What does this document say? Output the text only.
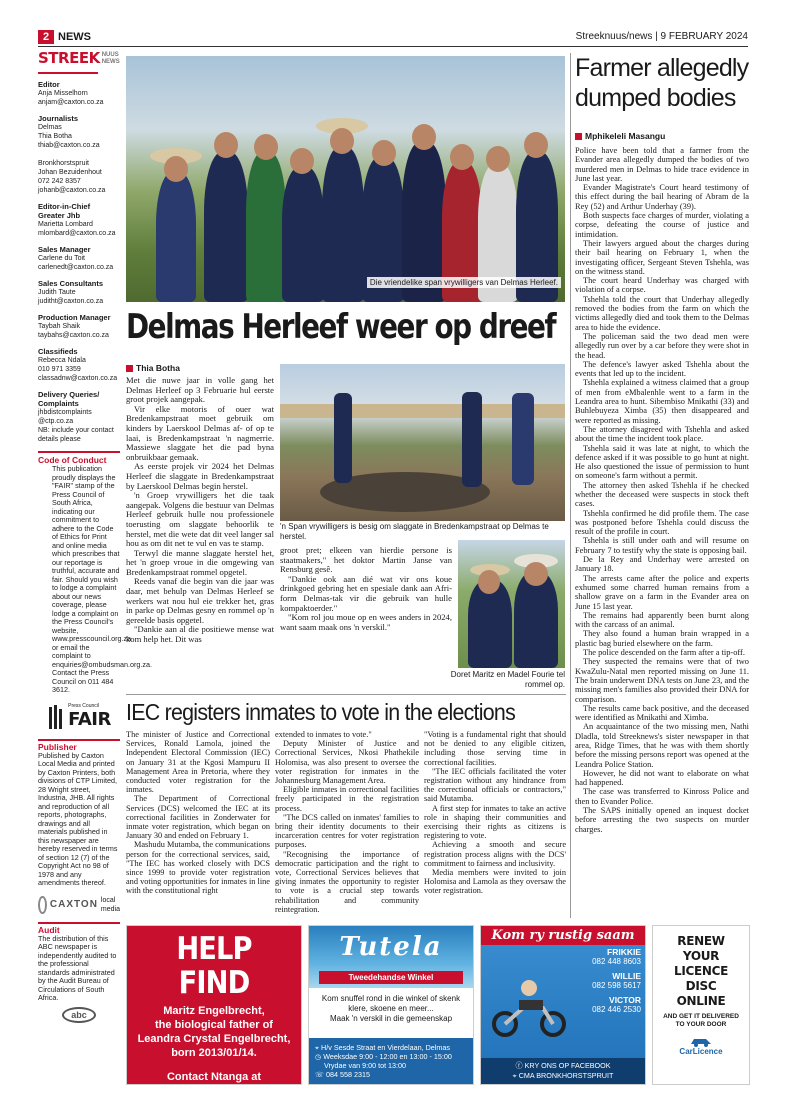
2 NEWS	Streeknuus/news | 9 FEBRUARY 2024
STREEK NUUS
NEWS
Editor
Anja Misselhorn
anjam@caxton.co.za
Journalists
Delmas
Thia Botha
thiab@caxton.co.za
Bronkhorstspruit
Johan Bezuidenhout
072 242 8357
johanb@caxton.co.za
Editor-in-Chief
Greater Jhb
Marietta Lombard
mlombard@caxton.co.za
Sales Manager
Carlene du Toit
carlenedt@caxton.co.za
Sales Consultants
Judith Taute
juditht@caxton.co.za
Production Manager
Taybah Shaik
taybahs@caxton.co.za
Classifieds
Rebecca Ndala
010 971 3359
classadnw@caxton.co.za
Delivery Queries/
Complaints
jhbdistcomplaints
@ctp.co.za
NB: include your contact
details please
Code of Conduct
This publication proudly displays the "FAIR" stamp of the Press Council of South Africa, indicating our commitment to adhere to the Code of Ethics for Print and online media which prescribes that our reportage is truthful, accurate and fair. Should you wish to lodge a complaint about our news coverage, please lodge a complaint on the Press Council's website, www.presscouncil.org.za or email the complaint to enquiries@ombudsman.org.za. Contact the Press Council on 011 484 3612.
Press Council
FAIR
Publisher
Published by Caxton Local Media and printed by Caxton Printers, both divisions of CTP Limited, 28 Wright street, Industria, JHB. All rights and reproduction of all reports, photographs, drawings and all materials published in this newspaper are hereby reserved in terms of section 12 (7) of the Copyright Act no 98 of 1978 and any amendments thereof.
CAXTON local media
Audit
The distribution of this ABC newspaper is independently audited to the professional standards administrated by the Audit Bureau of Circulations of South Africa.
abc
Die vriendelike span vrywilligers van Delmas Herleef.
Delmas Herleef weer op dreef
Thia Botha

Met die nuwe jaar in volle gang het Delmas Herleef op 3 Februarie hul eerste groot projek aangepak.

Vir elke motoris of ouer wat Bredenkampstraat moet gebruik om kinders by Laerskool Delmas af- of op te laai, is Bredenkampstraat 'n nagmerrie. Massiewe slaggate het die pad byna onbruikbaar gemaak.

As eerste projek vir 2024 het Delmas Herleef die slaggate in Bredenkampstraat by Laerskool Delmas begin herstel.

'n Groep vrywilligers het die taak aangepak. Volgens die bestuur van Delmas Herleef gebruik hulle nou professionele toerusting om slaggate behoorlik te herstel, met die wete dat dit veel langer sal hou as om dit net te vul en vas te stamp.

Terwyl die manne slaggate herstel het, het 'n groep vroue in die omgewing van Bredenkampstraat rommel opgetel.

Reeds vanaf die begin van die jaar was daar, met behulp van Delmas Herleef se werkers wat nou hul eie trekker het, gras in parke op Delmas gesny en rommel op 'n gereelde basis opgetel.

"Dankie aan al die positiewe mense wat kom help het. Dit was

'n Span vrywilligers is besig om slaggate in Bredenkampstraat op Delmas te herstel.

groot pret; elkeen van hierdie persone is staatmakers," het doktor Martin Janse van Rensburg gesê.

"Dankie ook aan dié wat vir ons koue drinkgoed gebring het en spesiale dank aan Afri-form Delmas-tak vir die gebruik van hulle kompaktoerder."

"Kom rol jou moue op en wees anders in 2024, want saam maak ons 'n verskil."

Doret Maritz en Madel Fourie tel rommel op.
Farmer allegedly dumped bodies
Mphikeleli Masangu

Police have been told that a farmer from the Evander area allegedly dumped the bodies of two murdered men in Delmas to hide trace evidence in June last year.

Evander Magistrate's Court heard testimony of this effect during the bail hearing of Abram de la Rey (52) and Arthur Underhay (39).

Both suspects face charges of murder, violating a corpse, defeating the course of justice and intimidation.

Their lawyers argued about the charges during their bail hearing on February 1, when the investigating officer, Sergeant Steven Tshehla, was on the witness stand.

The court heard Underhay was charged with violation of a corpse.

Tshehla told the court that Underhay allegedly removed the bodies from the farm on which the victims allegedly died and took them to the Delmas area to hide the evidence.

The policeman said the two dead men were allegedly run over by a car before they were shot in the head.

The defence's lawyer asked Tshehla about the events that led up to the incident.

Tshehla explained a witness claimed that a group of men from eMbalenhle went to a farm in the Leandra area to hunt. Sibembiso Mnikathi (33) and Buhlebuyeza Ximba (35) then disappeared and were reported as missing.

The attorney disagreed with Tshehla and asked about the time the incident took place.

Tshehla said it was late at night, to which the defence asked if it was possible to go hunt at night. He also questioned the issue of permission to hunt on someone's farm without a permit.

The attorney then asked Tshehla if he checked whether the deceased were suspects in stock theft cases.

Tshehla confirmed he did profile them. The case was postponed before Tshehla could discuss the result of the profile in court.

Tshehla is still under oath and will resume on February 7 to testify why the state is opposing bail.

De la Rey and Underhay were arrested on January 18.

The arrests came after the police and experts exhumed some charred human remains from a shallow grave on a farm in the Evander area on June 15 last year.

The remains had apparently been burnt along with the carcass of an animal.

They also found a human brain wrapped in a plastic bag buried elsewhere on the farm.

The police descended on the farm after a tip-off.

They suspected the remains were that of two KwaZulu-Natal men reported missing on June 11. The brain underwent DNA tests on June 23, and the missing men's families also provided their DNA for comparison.

The results came back positive, and the deceased were identified as Mnikathi and Ximba.

An acquaintance of the two missing men, Nathi Dladla, told Streeknews's sister newspaper in that area, Ridge Times, that he was with them shortly before the missing persons report was opened at the Leandra Police Station.

However, he did not want to elaborate on what had happened.

The case was transferred to Kinross Police and then to Evander Police.

The SAPS initially opened an inquest docket before arresting the two suspects on murder charges.

IEC registers inmates to vote in the elections

The minister of Justice and Correctional Services, Ronald Lamola, joined the Independent Electoral Commission (IEC) on January 31 at the Kgosi Mampuru II Management Area in Pretoria, where they conducted voter registration for the inmates.

The Department of Correctional Services (DCS) welcomed the IEC at its correctional facilities in Zonderwater for inmate voter registration, which began on January 30 and ended on February 1.

Mashudu Mutamba, the communications person for the correctional services, said, "The IEC has worked closely with DCS since 1999 to provide voter registration and voting opportunities for inmates in line with the constitutional right

extended to inmates to vote."

Deputy Minister of Justice and Correctional Services, Nkosi Phathekile Holomisa, was also present to oversee the voter registration for inmates in the Johannesburg Management Area.

Eligible inmates in correctional facilities freely participated in the registration process.

"The DCS called on inmates' families to bring their identity documents to their incarceration centres for voter registration purposes.

"Recognising the importance of democratic participation and the right to vote, Correctional Services believes that giving inmates the opportunity to register to vote is a crucial step towards rehabilitation and community reintegration.

"Voting is a fundamental right that should not be denied to any eligible citizen, including those serving time in correctional facilities.

"The IEC officials facilitated the voter registration without any hindrance from the correctional officials or contractors," said Mutamba.

A first step for inmates to take an active role in shaping their communities and exercising their rights as citizens is registering to vote.

Achieving a smooth and secure registration process aligns with the DCS' commitment to fairness and inclusivity.

Media members were invited to join Holomisa and Lamola as they oversaw the voter registration.

HELP FIND
Maritz Engelbrecht,
the biological father of
Leandra Crystal Engelbrecht,
born 2013/01/14.
Contact Ntanga at
Tutela Delmas: 079 7366 947
Tutela
Tweedehandse Winkel
Kom snuffel rond in die winkel of skenk
klere, skoene en meer...
Maak 'n verskil in die gemeenskap
⌖ H/v Sesde Straat en Vierdelaan, Delmas
◷ Weeksdae 9:00 - 12:00 en 13:00 - 15:00
Vrydae van 9:00 tot 13:00
☏ 084 558 2315
Kom ry rustig saam
FRIKKIE
082 448 8603
WILLIE
082 598 5617
VICTOR
082 446 2530
ⓕ KRY ONS OP FACEBOOK
⌖ CMA BRONKHORSTSPRUIT
RENEW
YOUR
LICENCE
DISC
ONLINE
AND GET IT DELIVERED
TO YOUR DOOR
CarLicence
